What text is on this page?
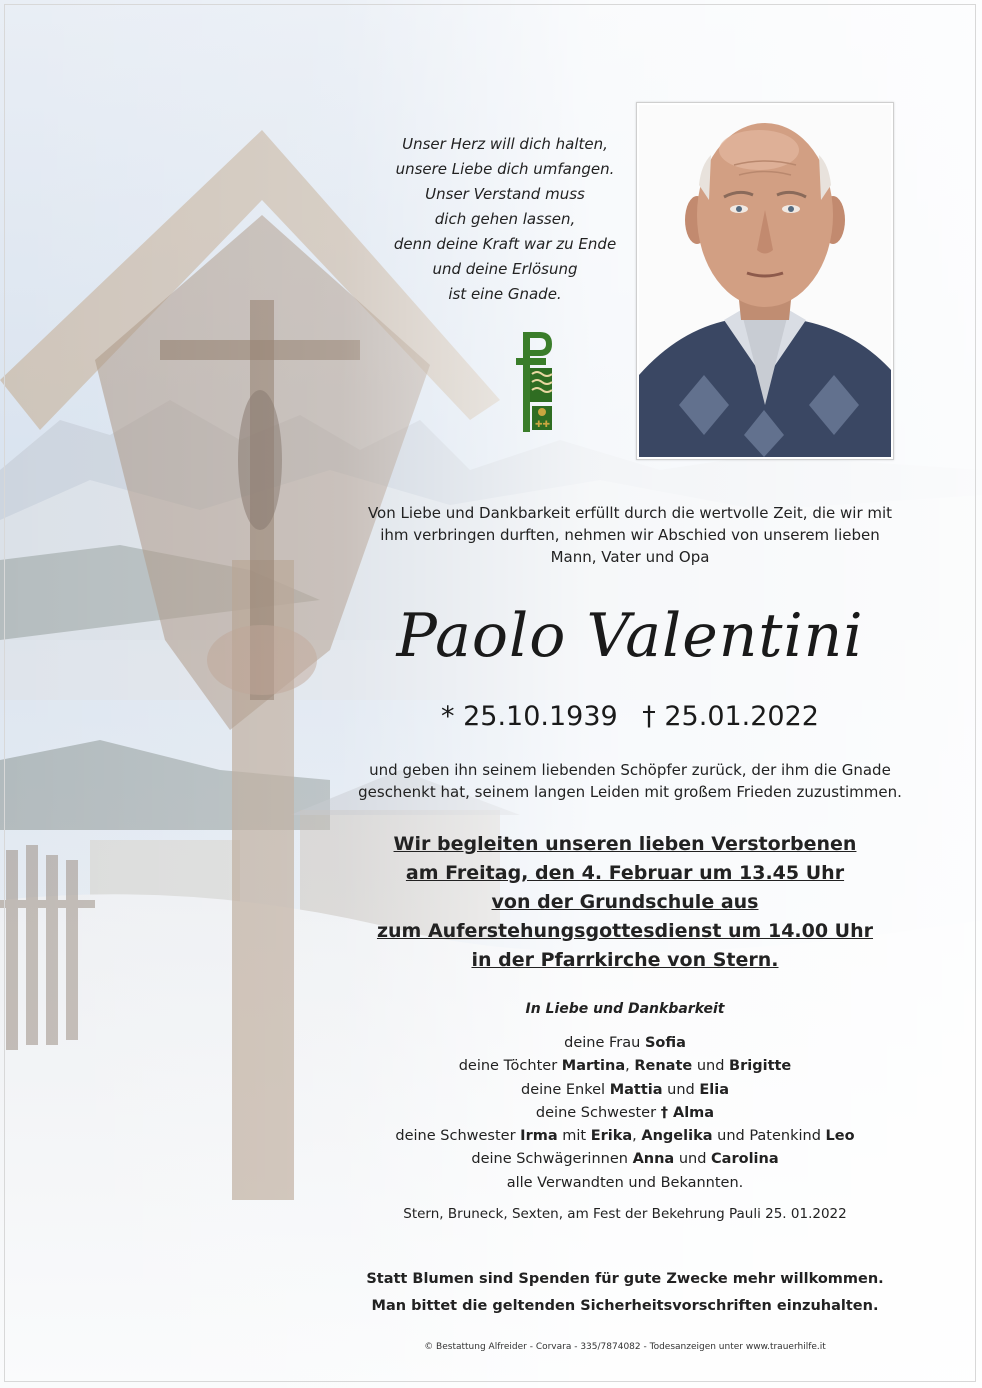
Unser Herz will dich halten,
unsere Liebe dich umfangen.
Unser Verstand muss
dich gehen lassen,
denn deine Kraft war zu Ende
und deine Erlösung
ist eine Gnade.
✚✚
Von Liebe und Dankbarkeit erfüllt durch die wertvolle Zeit, die wir mit
ihm verbringen durften, nehmen wir Abschied von unserem lieben
Mann, Vater und Opa
Paolo Valentini
* 25.10.1939 † 25.01.2022
und geben ihn seinem liebenden Schöpfer zurück, der ihm die Gnade
geschenkt hat, seinem langen Leiden mit großem Frieden zuzustimmen.
Wir begleiten unseren lieben Verstorbenen
am Freitag, den 4. Februar um 13.45 Uhr
von der Grundschule aus
zum Auferstehungsgottesdienst um 14.00 Uhr
in der Pfarrkirche von Stern.
In Liebe und Dankbarkeit
deine Frau Sofia
deine Töchter Martina, Renate und Brigitte
deine Enkel Mattia und Elia
deine Schwester † Alma
deine Schwester Irma mit Erika, Angelika und Patenkind Leo
deine Schwägerinnen Anna und Carolina
alle Verwandten und Bekannten.
Stern, Bruneck, Sexten, am Fest der Bekehrung Pauli 25. 01.2022
Statt Blumen sind Spenden für gute Zwecke mehr willkommen.
Man bittet die geltenden Sicherheitsvorschriften einzuhalten.
© Bestattung Alfreider - Corvara - 335/7874082 - Todesanzeigen unter www.trauerhilfe.it
